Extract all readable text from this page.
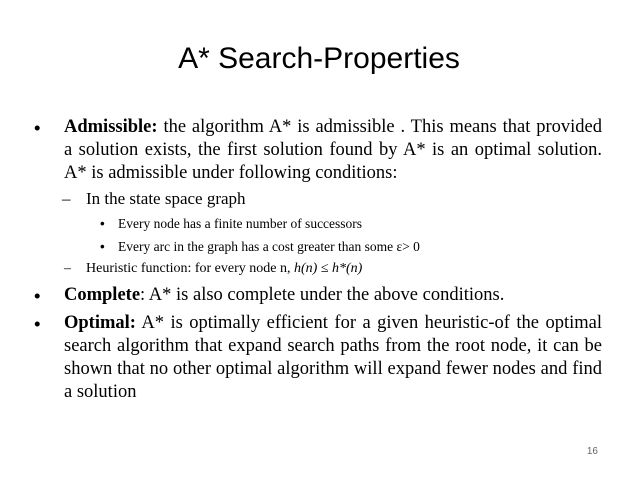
A* Search-Properties
•	Admissible: the algorithm A* is admissible . This means that provided a solution exists, the first solution found by A* is an optimal solution. A* is admissible under following conditions:
– In the state space graph
• Every node has a finite number of successors
• Every arc in the graph has a cost greater than some ε> 0
– Heuristic function: for every node n, h(n) ≤ h*(n)
•	Complete: A* is also complete under the above conditions.
•	Optimal: A* is optimally efficient for a given heuristic-of the optimal search algorithm that expand search paths from the root node, it can be shown that no other optimal algorithm will expand fewer nodes and find a solution
16
